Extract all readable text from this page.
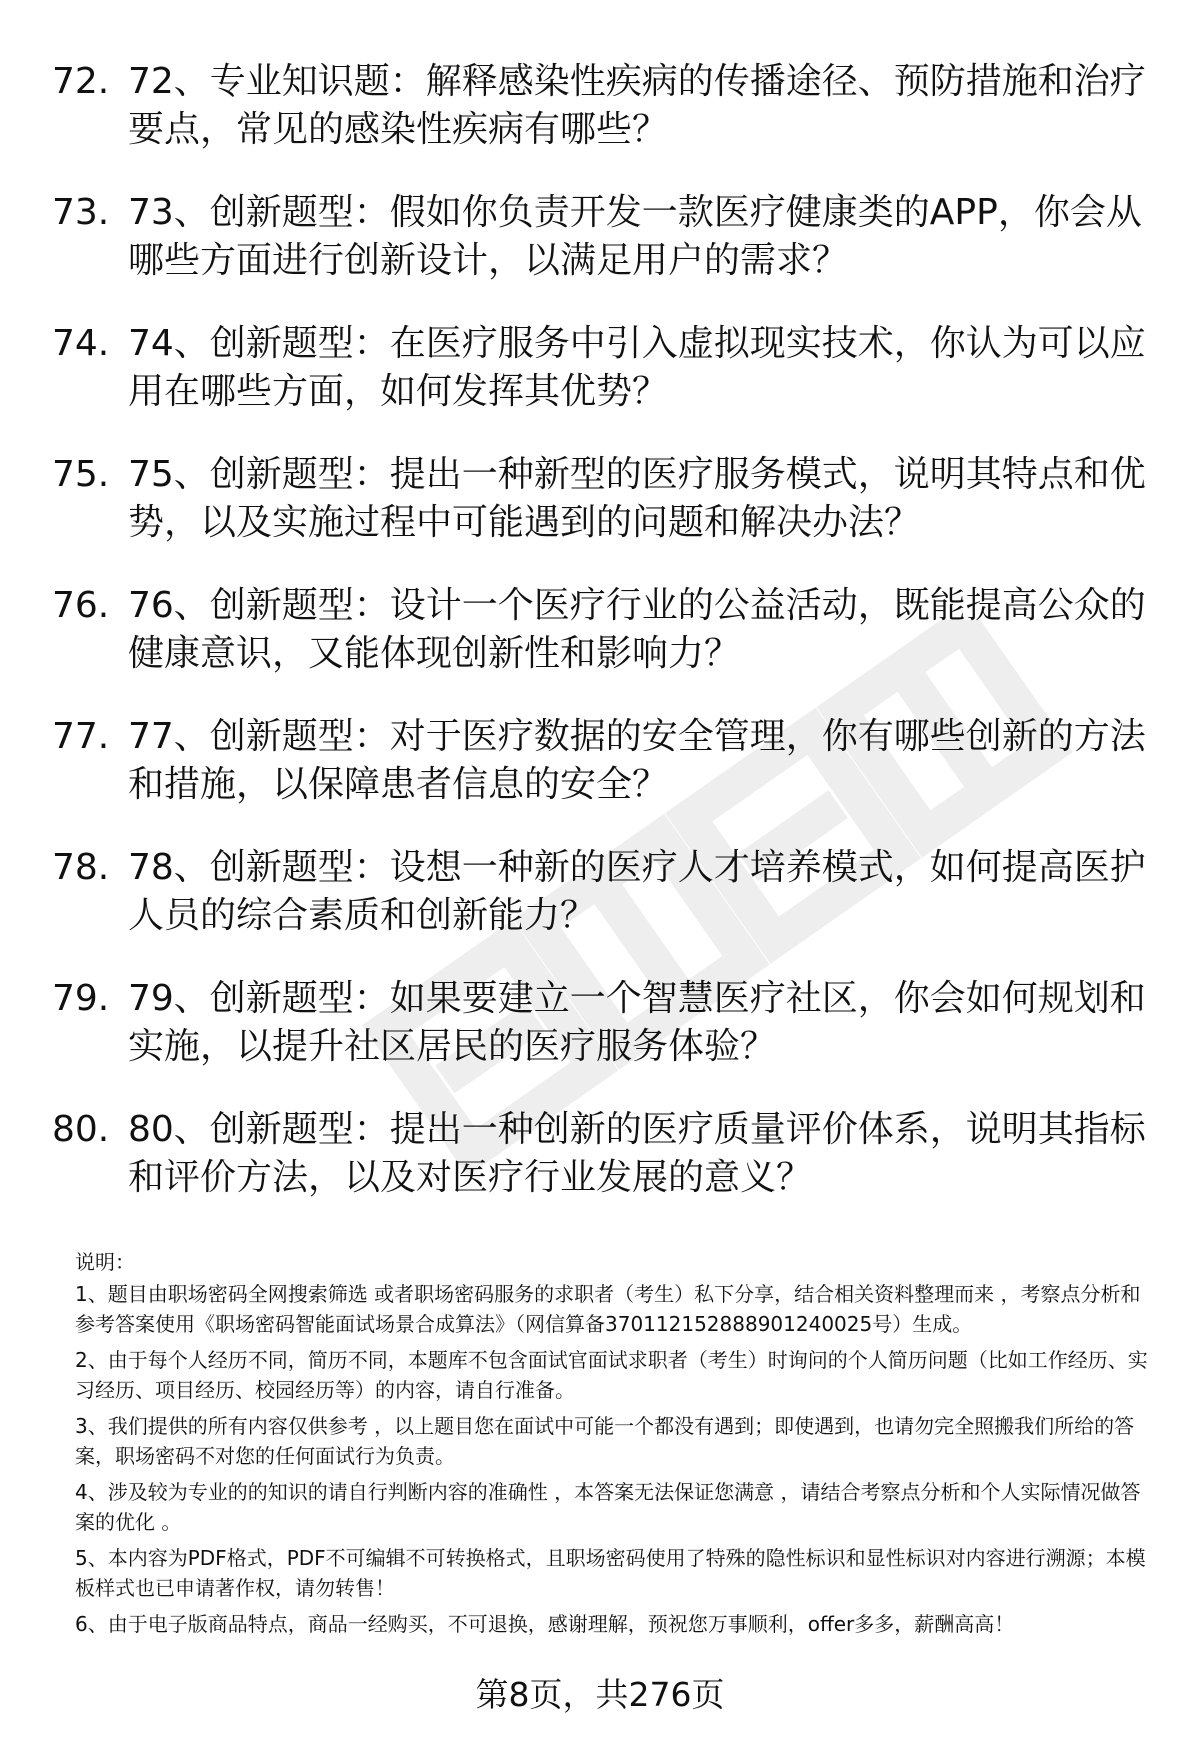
72. 72、专业知识题：解释感染性疾病的传播途径、预防措施和治疗要点，常见的感染性疾病有哪些？
73. 73、创新题型：假如你负责开发一款医疗健康类的APP，你会从哪些方面进行创新设计，以满足用户的需求？
74. 74、创新题型：在医疗服务中引入虚拟现实技术，你认为可以应用在哪些方面，如何发挥其优势？
75. 75、创新题型：提出一种新型的医疗服务模式，说明其特点和优势，以及实施过程中可能遇到的问题和解决办法？
76. 76、创新题型：设计一个医疗行业的公益活动，既能提高公众的健康意识，又能体现创新性和影响力？
77. 77、创新题型：对于医疗数据的安全管理，你有哪些创新的方法和措施，以保障患者信息的安全？
78. 78、创新题型：设想一种新的医疗人才培养模式，如何提高医护人员的综合素质和创新能力？
79. 79、创新题型：如果要建立一个智慧医疗社区，你会如何规划和实施，以提升社区居民的医疗服务体验？
80. 80、创新题型：提出一种创新的医疗质量评价体系，说明其指标和评价方法，以及对医疗行业发展的意义？

说明：

1、题目由职场密码全网搜索筛选 或者职场密码服务的求职者（考生）私下分享，结合相关资料整理而来 ，考察点分析和参考答案使用《职场密码智能面试场景合成算法》（网信算备370112152888901240025号）生成。

2、由于每个人经历不同，简历不同，本题库不包含面试官面试求职者（考生）时询问的个人简历问题（比如工作经历、实习经历、项目经历、校园经历等）的内容，请自行准备。

3、我们提供的所有内容仅供参考 ，以上题目您在面试中可能一个都没有遇到；即使遇到，也请勿完全照搬我们所给的答案，职场密码不对您的任何面试行为负责。

4、涉及较为专业的的知识的请自行判断内容的准确性 ，本答案无法保证您满意 ，请结合考察点分析和个人实际情况做答案的优化 。

5、本内容为PDF格式，PDF不可编辑不可转换格式，且职场密码使用了特殊的隐性标识和显性标识对内容进行溯源；本模板样式也已申请著作权，请勿转售！

6、由于电子版商品特点，商品一经购买，不可退换，感谢理解，预祝您万事顺利，offer多多，薪酬高高！

第8页，共276页
